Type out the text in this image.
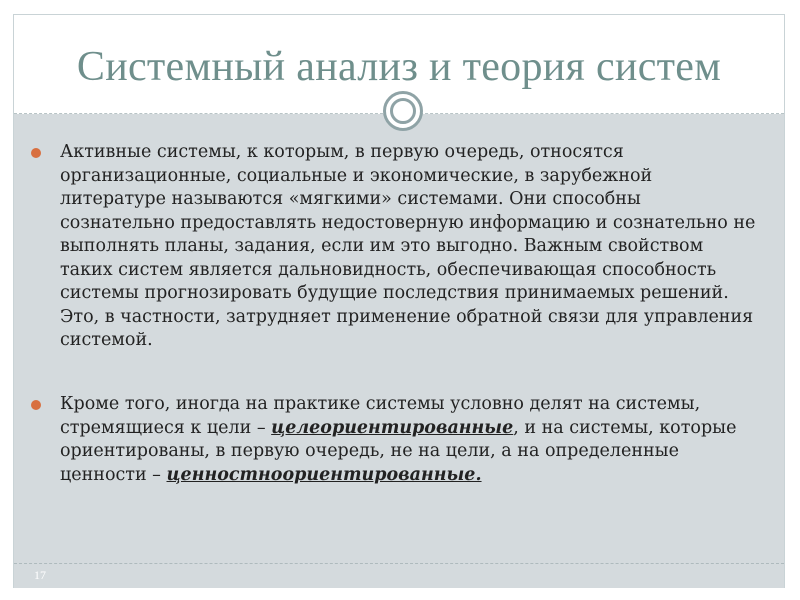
Системный анализ и теория систем
Активные системы, к которым, в первую очередь, относятся организационные, социальные и экономические, в зарубежной литературе называются «мягкими» системами. Они способны сознательно предоставлять недостоверную информацию и сознательно не выполнять планы, задания, если им это выгодно. Важным свойством таких систем является дальновидность, обеспечивающая способность системы прогнозировать будущие последствия принимаемых решений. Это, в частности, затрудняет применение обратной связи для управления системой.
Кроме того, иногда на практике системы условно делят на системы, стремящиеся к цели – целеориентированные, и на системы, которые ориентированы, в первую очередь, не на цели, а на определенные ценности – ценностноориентированные.
17
